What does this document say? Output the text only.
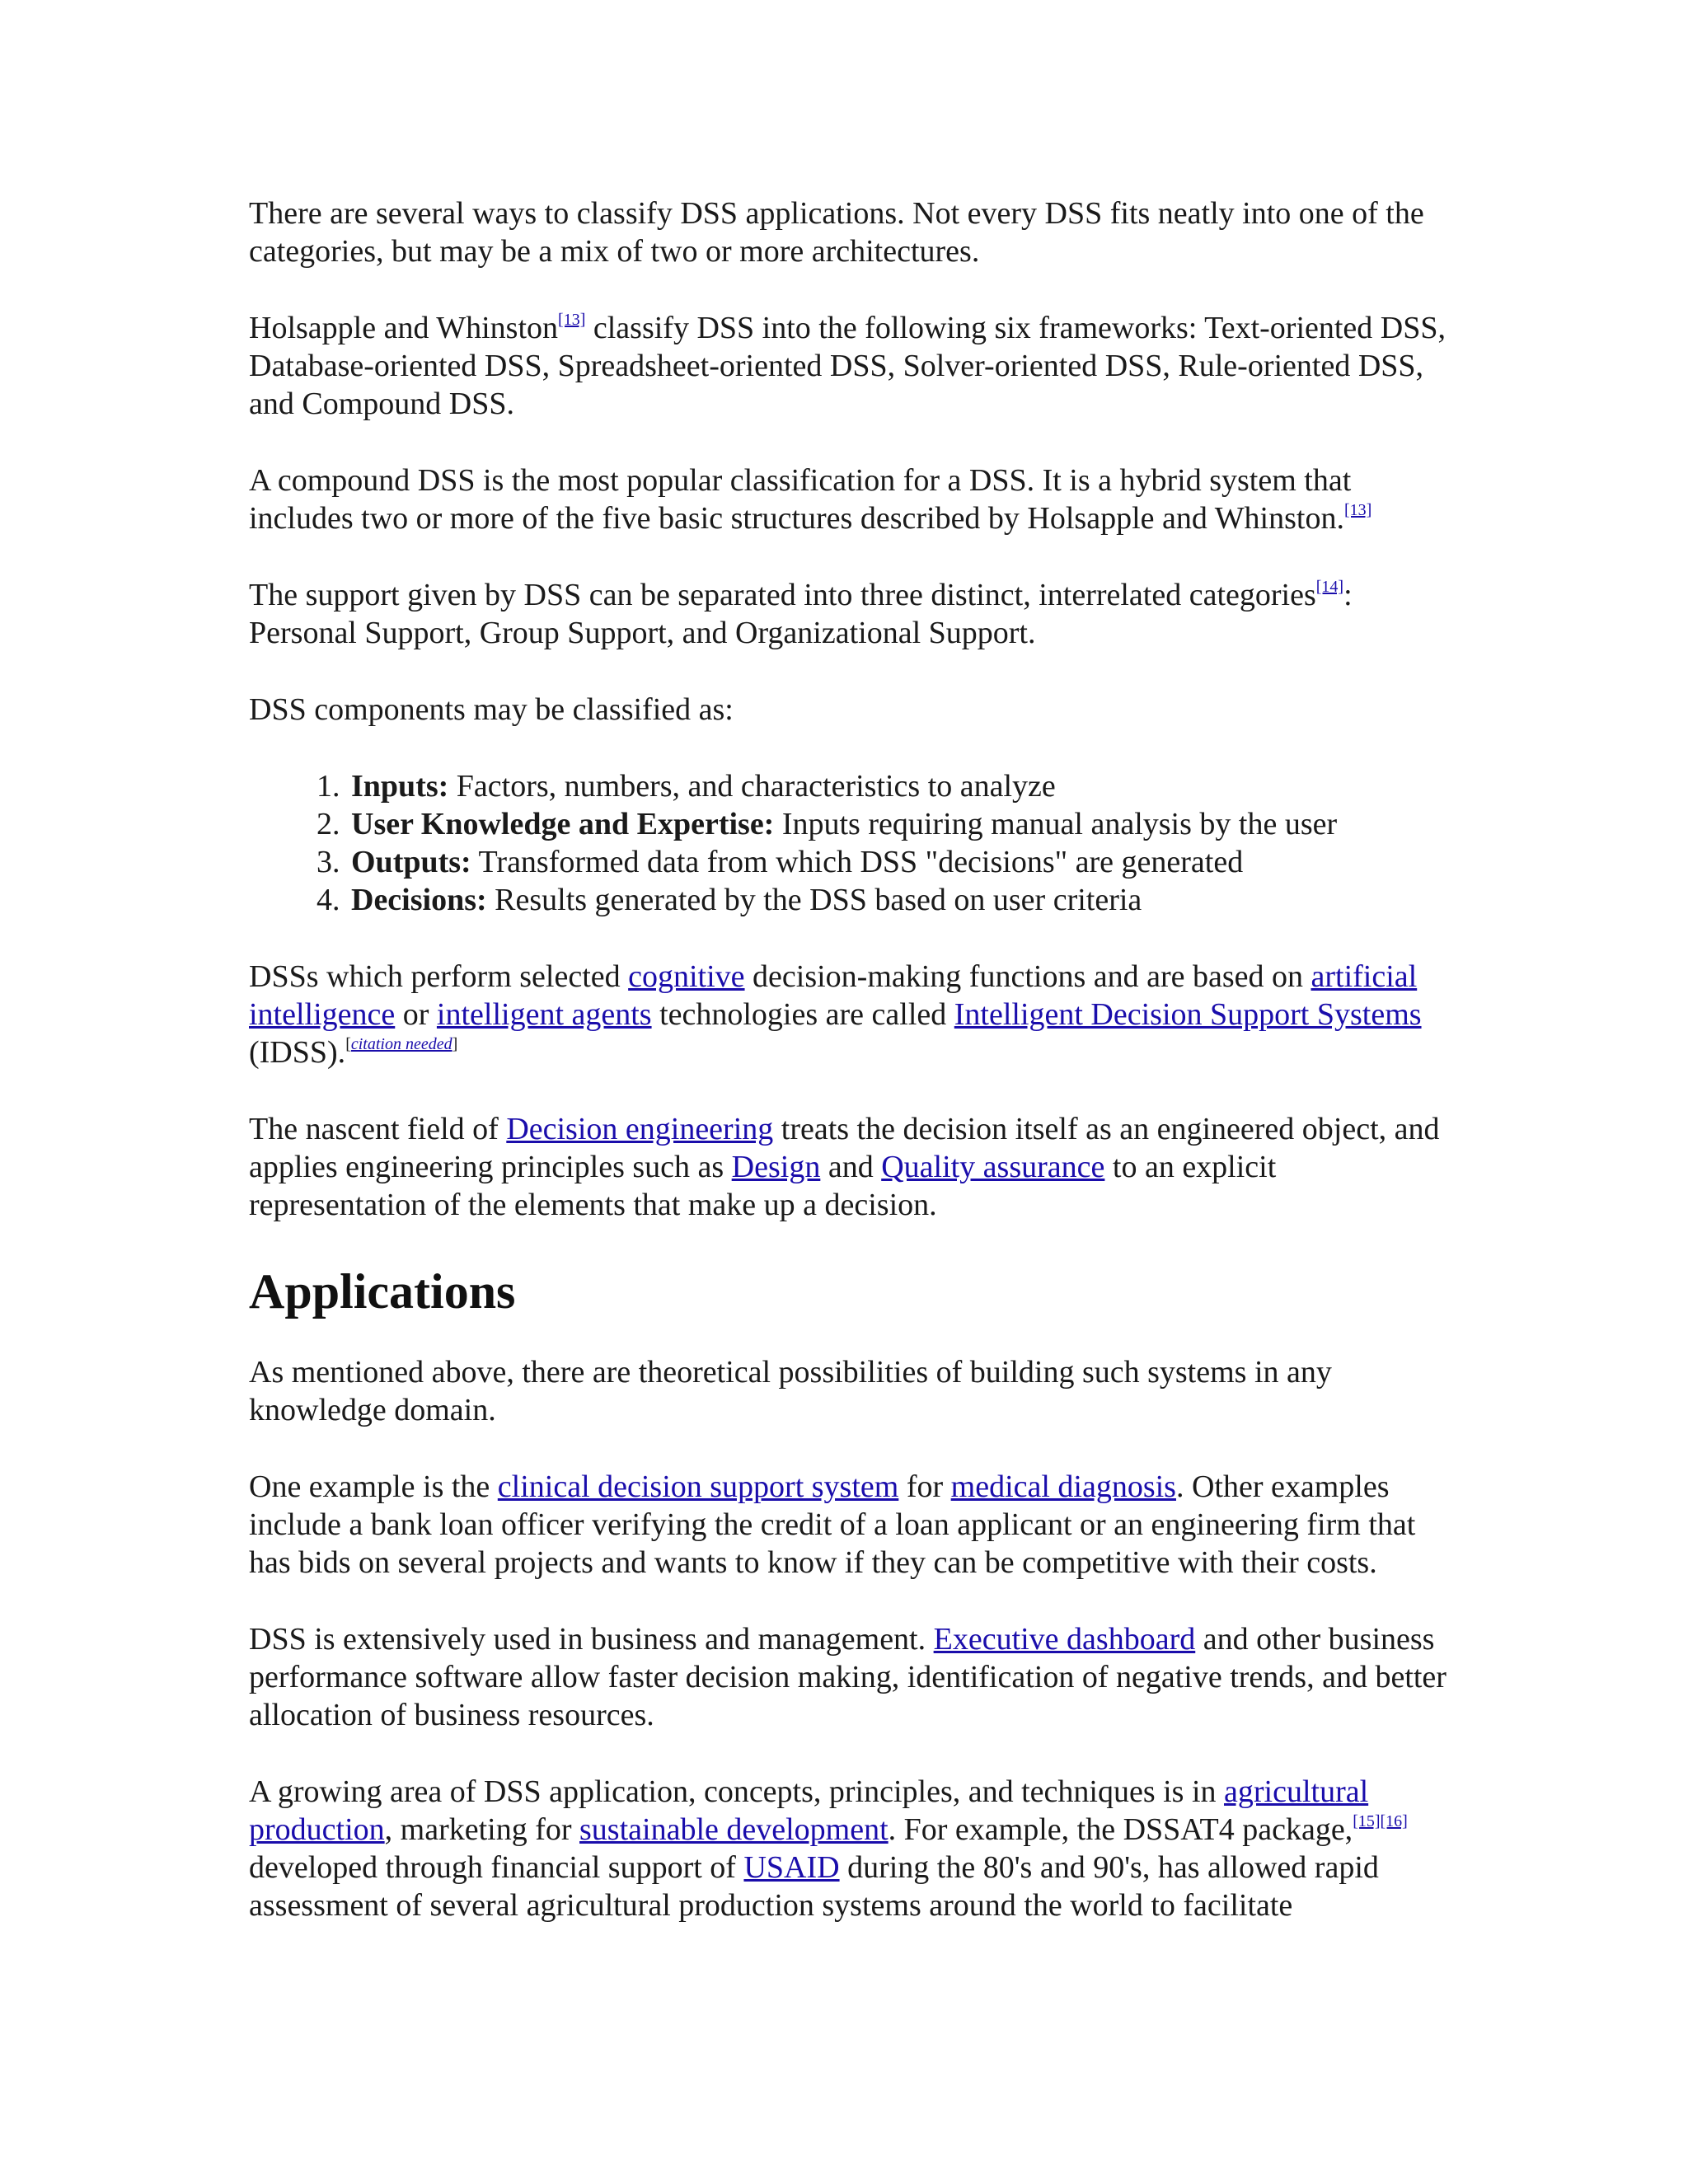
There are several ways to classify DSS applications. Not every DSS fits neatly into one of the categories, but may be a mix of two or more architectures.

Holsapple and Whinston[13] classify DSS into the following six frameworks: Text-oriented DSS, Database-oriented DSS, Spreadsheet-oriented DSS, Solver-oriented DSS, Rule-oriented DSS, and Compound DSS.

A compound DSS is the most popular classification for a DSS. It is a hybrid system that includes two or more of the five basic structures described by Holsapple and Whinston.[13]

The support given by DSS can be separated into three distinct, interrelated categories[14]: Personal Support, Group Support, and Organizational Support.

DSS components may be classified as:

1. Inputs: Factors, numbers, and characteristics to analyze
2. User Knowledge and Expertise: Inputs requiring manual analysis by the user
3. Outputs: Transformed data from which DSS "decisions" are generated
4. Decisions: Results generated by the DSS based on user criteria

DSSs which perform selected cognitive decision-making functions and are based on artificial intelligence or intelligent agents technologies are called Intelligent Decision Support Systems (IDSS).[citation needed]

The nascent field of Decision engineering treats the decision itself as an engineered object, and applies engineering principles such as Design and Quality assurance to an explicit representation of the elements that make up a decision.

Applications

As mentioned above, there are theoretical possibilities of building such systems in any knowledge domain.

One example is the clinical decision support system for medical diagnosis. Other examples include a bank loan officer verifying the credit of a loan applicant or an engineering firm that has bids on several projects and wants to know if they can be competitive with their costs.

DSS is extensively used in business and management. Executive dashboard and other business performance software allow faster decision making, identification of negative trends, and better allocation of business resources.

A growing area of DSS application, concepts, principles, and techniques is in agricultural production, marketing for sustainable development. For example, the DSSAT4 package,[15][16] developed through financial support of USAID during the 80's and 90's, has allowed rapid assessment of several agricultural production systems around the world to facilitate
